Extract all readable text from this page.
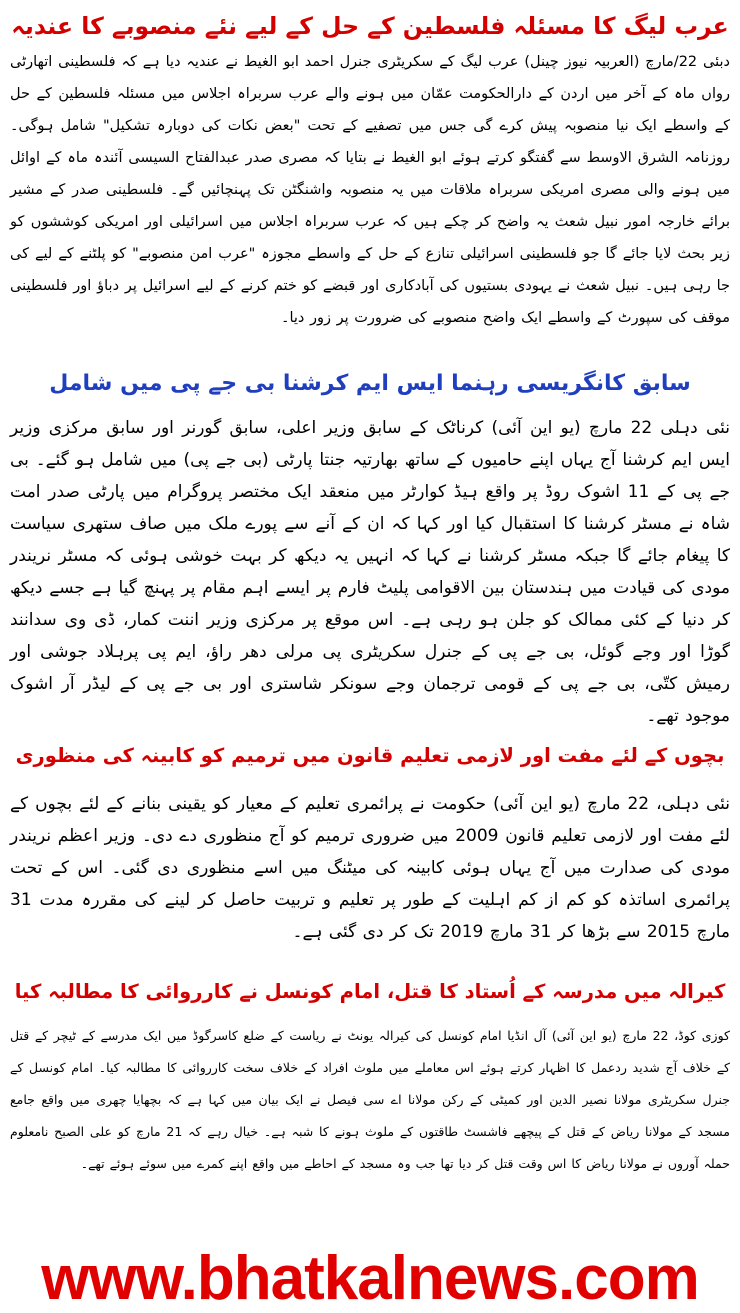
عرب لیگ کا مسئلہ فلسطین کے حل کے لیے نئے منصوبے کا عندیہ

دبئی 22/مارچ (العربیہ نیوز چینل) عرب لیگ کے سکریٹری جنرل احمد ابو الغیط نے عندیہ دیا ہے کہ فلسطینی اتھارٹی رواں ماہ کے آخر میں اردن کے دارالحکومت عمّان میں ہونے والے عرب سربراہ اجلاس میں مسئلہ فلسطین کے حل کے واسطے ایک نیا منصوبہ پیش کرے گی جس میں تصفیے کے تحت "بعض نکات کی دوبارہ تشکیل" شامل ہوگی۔ روزنامہ الشرق الاوسط سے گفتگو کرتے ہوئے ابو الغیط نے بتایا کہ مصری صدر عبدالفتاح السیسی آئندہ ماہ کے اوائل میں ہونے والی مصری امریکی سربراہ ملاقات میں یہ منصوبہ واشنگٹن تک پہنچائیں گے۔ فلسطینی صدر کے مشیر برائے خارجہ امور نبیل شعث یہ واضح کر چکے ہیں کہ عرب سربراہ اجلاس میں اسرائیلی اور امریکی کوششوں کو زیر بحث لایا جائے گا جو فلسطینی اسرائیلی تنازع کے حل کے واسطے مجوزہ "عرب امن منصوبے" کو پلٹنے کے لیے کی جا رہی ہیں۔ نبیل شعث نے یہودی بستیوں کی آبادکاری اور قبضے کو ختم کرنے کے لیے اسرائیل پر دباؤ اور فلسطینی موقف کی سپورٹ کے واسطے ایک واضح منصوبے کی ضرورت پر زور دیا۔

سابق کانگریسی رہنما ایس ایم کرشنا بی جے پی میں شامل

نئی دہلی 22 مارچ (یو این آئی) کرناٹک کے سابق وزیر اعلی، سابق گورنر اور سابق مرکزی وزیر ایس ایم کرشنا آج یہاں اپنے حامیوں کے ساتھ بھارتیہ جنتا پارٹی (بی جے پی) میں شامل ہو گئے۔ بی جے پی کے 11 اشوک روڈ پر واقع ہیڈ کوارٹر میں منعقد ایک مختصر پروگرام میں پارٹی صدر امت شاہ نے مسٹر کرشنا کا استقبال کیا اور کہا کہ ان کے آنے سے پورے ملک میں صاف ستھری سیاست کا پیغام جائے گا جبکہ مسٹر کرشنا نے کہا کہ انہیں یہ دیکھ کر بہت خوشی ہوئی کہ مسٹر نریندر مودی کی قیادت میں ہندستان بین الاقوامی پلیٹ فارم پر ایسے اہم مقام پر پہنچ گیا ہے جسے دیکھ کر دنیا کے کئی ممالک کو جلن ہو رہی ہے۔ اس موقع پر مرکزی وزیر اننت کمار، ڈی وی سدانند گوڑا اور وجے گوئل، بی جے پی کے جنرل سکریٹری پی مرلی دھر راؤ، ایم پی پرہلاد جوشی اور رمیش کتّی، بی جے پی کے قومی ترجمان وجے سونکر شاستری اور بی جے پی کے لیڈر آر اشوک موجود تھے۔

بچوں کے لئے مفت اور لازمی تعلیم قانون میں ترمیم کو کابینہ کی منظوری

نئی دہلی، 22 مارچ (یو این آئی) حکومت نے پرائمری تعلیم کے معیار کو یقینی بنانے کے لئے بچوں کے لئے مفت اور لازمی تعلیم قانون 2009 میں ضروری ترمیم کو آج منظوری دے دی۔ وزیر اعظم نریندر مودی کی صدارت میں آج یہاں ہوئی کابینہ کی میٹنگ میں اسے منظوری دی گئی۔ اس کے تحت پرائمری اساتذہ کو کم از کم اہلیت کے طور پر تعلیم و تربیت حاصل کر لینے کی مقررہ مدت 31 مارچ 2015 سے بڑھا کر 31 مارچ 2019 تک کر دی گئی ہے۔

کیرالہ میں مدرسہ کے اُستاد کا قتل، امام کونسل نے کارروائی کا مطالبہ کیا

کوزی کوڈ، 22 مارچ (یو این آئی) آل انڈیا امام کونسل کی کیرالہ یونٹ نے ریاست کے ضلع کاسرگوڈ میں ایک مدرسے کے ٹیچر کے قتل کے خلاف آج شدید ردعمل کا اظہار کرتے ہوئے اس معاملے میں ملوث افراد کے خلاف سخت کارروائی کا مطالبہ کیا۔ امام کونسل کے جنرل سکریٹری مولانا نصیر الدین اور کمیٹی کے رکن مولانا اے سی فیصل نے ایک بیان میں کہا ہے کہ بچھایا چھری میں واقع جامع مسجد کے مولانا ریاض کے قتل کے پیچھے فاشسٹ طاقتوں کے ملوث ہونے کا شبہ ہے۔ خیال رہے کہ 21 مارچ کو علی الصبح نامعلوم حملہ آوروں نے مولانا ریاض کا اس وقت قتل کر دیا تھا جب وہ مسجد کے احاطے میں واقع اپنے کمرے میں سوئے ہوئے تھے۔

www.bhatkalnews.com
